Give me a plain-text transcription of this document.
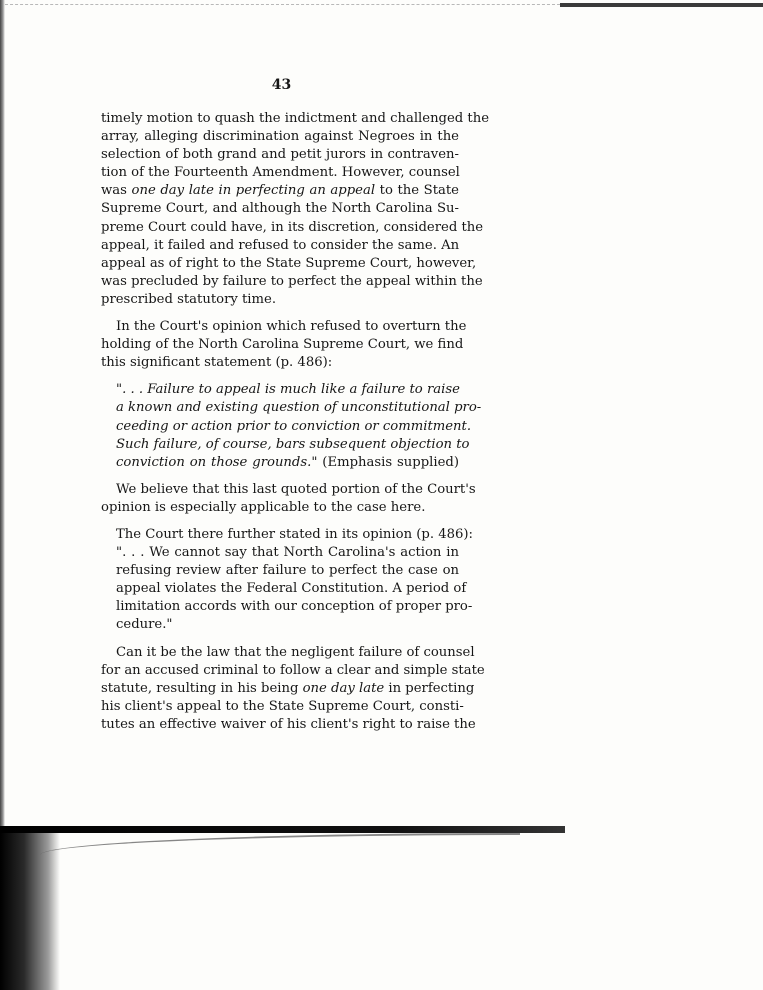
43

timely motion to quash the indictment and challenged the
array, alleging discrimination against Negroes in the
selection of both grand and petit jurors in contraven-
tion of the Fourteenth Amendment. However, counsel
was one day late in perfecting an appeal to the State
Supreme Court, and although the North Carolina Su-
preme Court could have, in its discretion, considered the
appeal, it failed and refused to consider the same. An
appeal as of right to the State Supreme Court, however,
was precluded by failure to perfect the appeal within the
prescribed statutory time.

In the Court's opinion which refused to overturn the
holding of the North Carolina Supreme Court, we find
this significant statement (p. 486):

". . . Failure to appeal is much like a failure to raise
a known and existing question of unconstitutional pro-
ceeding or action prior to conviction or commitment.
Such failure, of course, bars subsequent objection to
conviction on those grounds." (Emphasis supplied)

We believe that this last quoted portion of the Court's
opinion is especially applicable to the case here.

The Court there further stated in its opinion (p. 486):

". . . We cannot say that North Carolina's action in
refusing review after failure to perfect the case on
appeal violates the Federal Constitution. A period of
limitation accords with our conception of proper pro-
cedure."

Can it be the law that the negligent failure of counsel
for an accused criminal to follow a clear and simple state
statute, resulting in his being one day late in perfecting
his client's appeal to the State Supreme Court, consti-
tutes an effective waiver of his client's right to raise the
